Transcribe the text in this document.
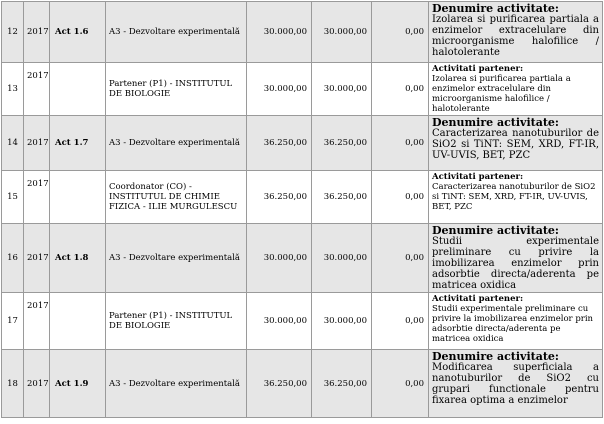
12	2017	Act 1.6	A3 - Dezvoltare experimentală	30.000,00	30.000,00	0,00	Denumire activitate:
Izolarea si purificarea partiala a enzimelor extracelulare din microorganisme halofilice / halotolerante

13	2017		Partener (P1) - INSTITUTUL DE BIOLOGIE	30.000,00	30.000,00	0,00	Activitati partener:
Izolarea si purificarea partiala a enzimelor extracelulare din microorganisme halofilice / halotolerante

14	2017	Act 1.7	A3 - Dezvoltare experimentală	36.250,00	36.250,00	0,00	Denumire activitate:
Caracterizarea nanotuburilor de SiO2 si TiNT: SEM, XRD, FT-IR, UV-UVIS, BET, PZC

15	2017		Coordonator (CO) - INSTITUTUL DE CHIMIE FIZICA - ILIE MURGULESCU	36.250,00	36.250,00	0,00	Activitati partener:
Caracterizarea nanotuburilor de SiO2 si TiNT: SEM, XRD, FT-IR, UV-UVIS, BET, PZC

16	2017	Act 1.8	A3 - Dezvoltare experimentală	30.000,00	30.000,00	0,00	Denumire activitate:
Studii experimentale preliminare cu privire la imobilizarea enzimelor prin adsorbtie directa/aderenta pe matricea oxidica

17	2017		Partener (P1) - INSTITUTUL DE BIOLOGIE	30.000,00	30.000,00	0,00	Activitati partener:
Studii experimentale preliminare cu privire la imobilizarea enzimelor prin adsorbtie directa/aderenta pe matricea oxidica

18	2017	Act 1.9	A3 - Dezvoltare experimentală	36.250,00	36.250,00	0,00	Denumire activitate:
Modificarea superficiala a nanotuburilor de SiO2 cu grupari functionale pentru fixarea optima a enzimelor
